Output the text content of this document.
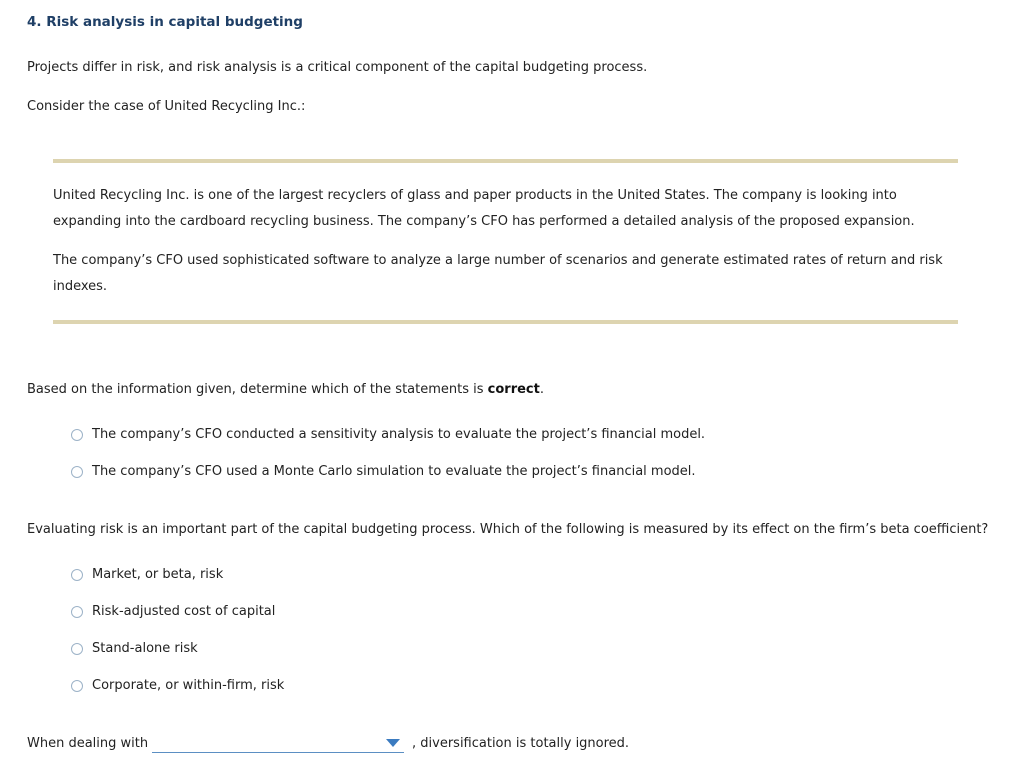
4. Risk analysis in capital budgeting
Projects differ in risk, and risk analysis is a critical component of the capital budgeting process.
Consider the case of United Recycling Inc.:
United Recycling Inc. is one of the largest recyclers of glass and paper products in the United States. The company is looking into
expanding into the cardboard recycling business. The company’s CFO has performed a detailed analysis of the proposed expansion.
The company’s CFO used sophisticated software to analyze a large number of scenarios and generate estimated rates of return and risk
indexes.
Based on the information given, determine which of the statements is correct.
The company’s CFO conducted a sensitivity analysis to evaluate the project’s financial model.
The company’s CFO used a Monte Carlo simulation to evaluate the project’s financial model.
Evaluating risk is an important part of the capital budgeting process. Which of the following is measured by its effect on the firm’s beta coefficient?
Market, or beta, risk
Risk-adjusted cost of capital
Stand-alone risk
Corporate, or within-firm, risk
When dealing with	, diversification is totally ignored.
